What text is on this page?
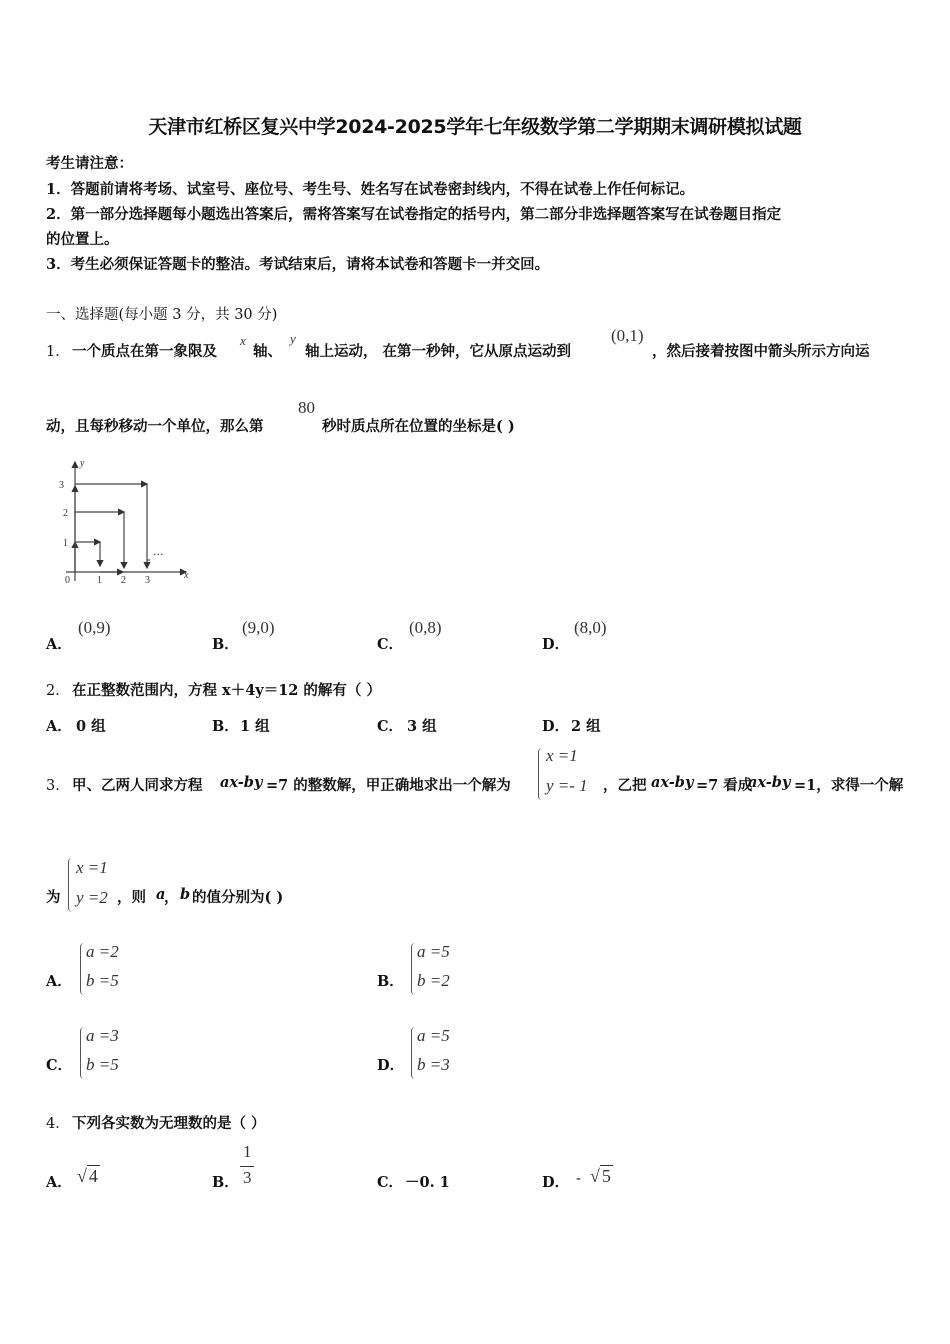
天津市红桥区复兴中学2024-2025学年七年级数学第二学期期末调研模拟试题
考生请注意：
1．答题前请将考场、试室号、座位号、考生号、姓名写在试卷密封线内，不得在试卷上作任何标记。
2．第一部分选择题每小题选出答案后，需将答案写在试卷指定的括号内，第二部分非选择题答案写在试卷题目指定
的位置上。
3．考生必须保证答题卡的整洁。考试结束后，请将本试卷和答题卡一并交回。
一、选择题(每小题 3 分，共 30 分)
1． 一个质点在第一象限及
x
轴、
y
轴上运动， 在第一秒钟，它从原点运动到
(0,1)
，然后接着按图中箭头所示方向运
动，且每秒移动一个单位，那么第
80
秒时质点所在位置的坐标是( )
y
x
0	1 2 3
1
2
3
···
A．
(0,9)
B．
(9,0)
C．
(0,8)
D．
(8,0)
2． 在正整数范围内，方程 x＋4y＝12 的解有（ ）
A． 0 组	B． 1 组	C． 3 组	D． 2 组
3． 甲、乙两人同求方程 ax-by =7 的整数解，甲正确地求出一个解为
x =1
y =- 1 ，乙把 ax-by =7 看成
ax-by =1，求得一个解
为
x =1
y =2 ，则 a
， b 的值分别为( )
A．
a =2
b =5	B．
a =5
b =2
C．
a =3
b =5	D．
a =5
b =3
4． 下列各实数为无理数的是（ ）
A． √ 4	B．
1
3	C． －0. 1	D． - √ 5
